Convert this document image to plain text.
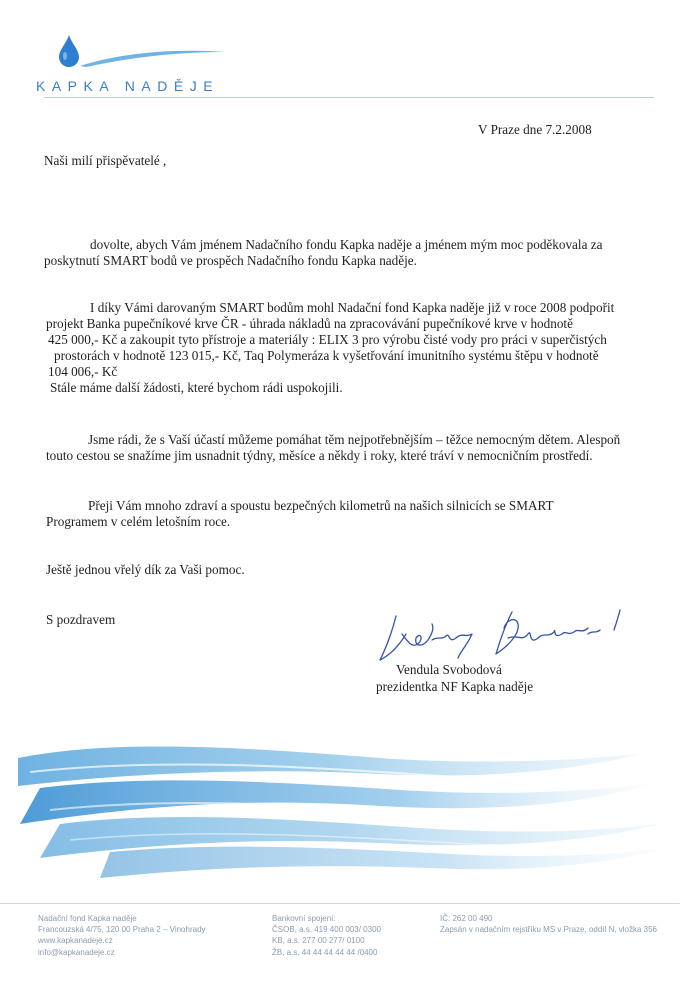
KAPKA NADĚJE
V Praze dne 7.2.2008
Naši milí přispěvatelé ,
dovolte, abych Vám jménem Nadačního fondu Kapka naděje a jménem mým moc poděkovala za
poskytnutí SMART bodů ve prospěch Nadačního fondu Kapka naděje.
I díky Vámi darovaným SMART bodům mohl Nadační fond Kapka naděje již v roce 2008 podpořit
projekt Banka pupečníkové krve ČR - úhrada nákladů na zpracovávání pupečníkové krve v hodnotě
425 000,- Kč a zakoupit tyto přístroje a materiály : ELIX 3 pro výrobu čisté vody pro práci v superčistých
prostorách v hodnotě 123 015,- Kč, Taq Polymeráza k vyšetřování imunitního systému štěpu v hodnotě
104 006,- Kč
Stále máme další žádosti, které bychom rádi uspokojili.
Jsme rádi, že s Vaší účastí můžeme pomáhat těm nejpotřebnějším – těžce nemocným dětem. Alespoň
touto cestou se snažíme jim usnadnit týdny, měsíce a někdy i roky, které tráví v nemocničním prostředí.
Přeji Vám mnoho zdraví a spoustu bezpečných kilometrů na našich silnicích se SMART
Programem v celém letošním roce.
Ještě jednou vřelý dík za Vaši pomoc.
S pozdravem
Vendula Svobodová
prezidentka NF Kapka naděje
Nadační fond Kapka naděje
Francouzská 4/75, 120 00 Praha 2 – Vinohrady
www.kapkanadeje.cz
info@kapkanadeje.cz
Bankovní spojení:
ČSOB, a.s. 419 400 003/ 0300
KB, a.s. 277 00 277/ 0100
ŽB, a.s. 44 44 44 44 44 /0400
IČ: 262 00 490
Zapsán v nadačním rejstříku MS v Praze, oddíl N, vložka 356
